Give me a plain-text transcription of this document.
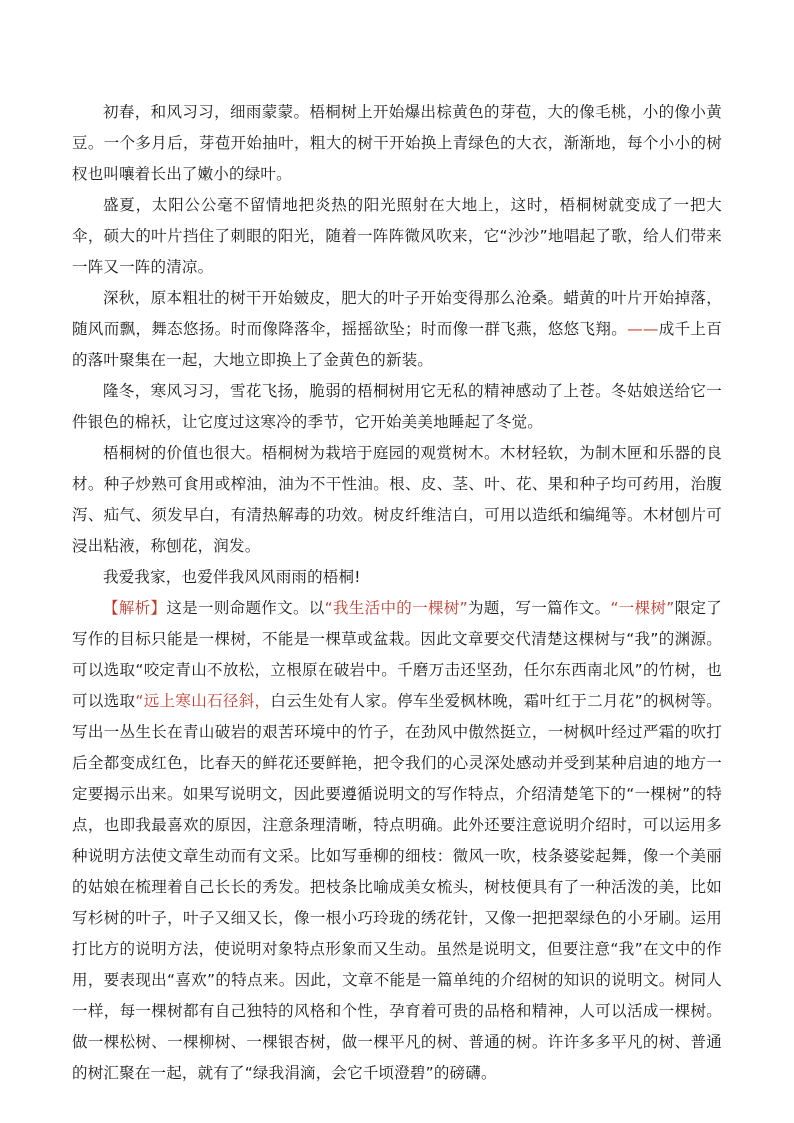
初春，和风习习，细雨蒙蒙。梧桐树上开始爆出棕黄色的芽苞，大的像毛桃，小的像小黄豆。一个多月后，芽苞开始抽叶，粗大的树干开始换上青绿色的大衣，渐渐地，每个小小的树杈也叫嚷着长出了嫩小的绿叶。

盛夏，太阳公公毫不留情地把炎热的阳光照射在大地上，这时，梧桐树就变成了一把大伞，硕大的叶片挡住了刺眼的阳光，随着一阵阵微风吹来，它“沙沙”地唱起了歌，给人们带来一阵又一阵的清凉。

深秋，原本粗壮的树干开始皴皮，肥大的叶子开始变得那么沧桑。蜡黄的叶片开始掉落，随风而飘，舞态悠扬。时而像降落伞，摇摇欲坠；时而像一群飞燕，悠悠飞翔。——成千上百的落叶聚集在一起，大地立即换上了金黄色的新装。

隆冬，寒风习习，雪花飞扬，脆弱的梧桐树用它无私的精神感动了上苍。冬姑娘送给它一件银色的棉袄，让它度过这寒冷的季节，它开始美美地睡起了冬觉。

梧桐树的价值也很大。梧桐树为栽培于庭园的观赏树木。木材轻软，为制木匣和乐器的良材。种子炒熟可食用或榨油，油为不干性油。根、皮、茎、叶、花、果和种子均可药用，治腹泻、疝气、须发早白，有清热解毒的功效。树皮纤维洁白，可用以造纸和编绳等。木材刨片可浸出粘液，称刨花，润发。

我爱我家，也爱伴我风风雨雨的梧桐!

【解析】这是一则命题作文。以“我生活中的一棵树”为题，写一篇作文。“一棵树”限定了写作的目标只能是一棵树，不能是一棵草或盆栽。因此文章要交代清楚这棵树与“我”的渊源。可以选取“咬定青山不放松，立根原在破岩中。千磨万击还坚劲，任尔东西南北风”的竹树，也可以选取“远上寒山石径斜，白云生处有人家。停车坐爱枫林晚，霜叶红于二月花”的枫树等。写出一丛生长在青山破岩的艰苦环境中的竹子，在劲风中傲然挺立，一树枫叶经过严霜的吹打后全都变成红色，比春天的鲜花还要鲜艳，把令我们的心灵深处感动并受到某种启迪的地方一定要揭示出来。如果写说明文，因此要遵循说明文的写作特点，介绍清楚笔下的“一棵树”的特点，也即我最喜欢的原因，注意条理清晰，特点明确。此外还要注意说明介绍时，可以运用多种说明方法使文章生动而有文采。比如写垂柳的细枝：微风一吹，枝条婆娑起舞，像一个美丽的姑娘在梳理着自己长长的秀发。把枝条比喻成美女梳头，树枝便具有了一种活泼的美，比如写杉树的叶子，叶子又细又长，像一根小巧玲珑的绣花针，又像一把把翠绿色的小牙刷。运用打比方的说明方法，使说明对象特点形象而又生动。虽然是说明文，但要注意“我”在文中的作用，要表现出“喜欢”的特点来。因此，文章不能是一篇单纯的介绍树的知识的说明文。树同人一样，每一棵树都有自己独特的风格和个性，孕育着可贵的品格和精神，人可以活成一棵树。做一棵松树、一棵柳树、一棵银杏树，做一棵平凡的树、普通的树。许许多多平凡的树、普通的树汇聚在一起，就有了“绿我涓滴，会它千顷澄碧”的磅礴。
